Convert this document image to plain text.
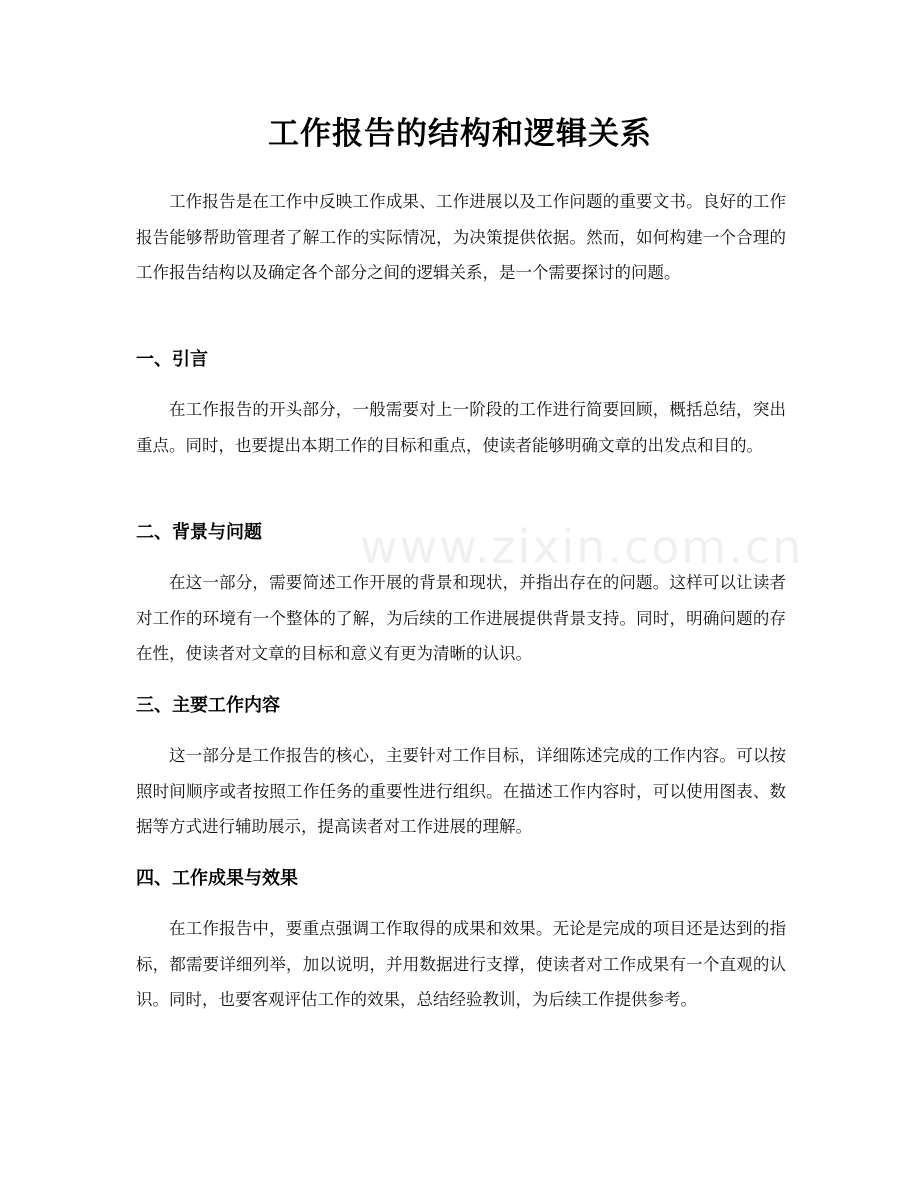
www.zixin.com.cn
工作报告的结构和逻辑关系

工作报告是在工作中反映工作成果、工作进展以及工作问题的重要文书。良好的工作报告能够帮助管理者了解工作的实际情况，为决策提供依据。然而，如何构建一个合理的工作报告结构以及确定各个部分之间的逻辑关系，是一个需要探讨的问题。

一、引言

在工作报告的开头部分，一般需要对上一阶段的工作进行简要回顾，概括总结，突出重点。同时，也要提出本期工作的目标和重点，使读者能够明确文章的出发点和目的。

二、背景与问题

在这一部分，需要简述工作开展的背景和现状，并指出存在的问题。这样可以让读者对工作的环境有一个整体的了解，为后续的工作进展提供背景支持。同时，明确问题的存在性，使读者对文章的目标和意义有更为清晰的认识。

三、主要工作内容

这一部分是工作报告的核心，主要针对工作目标，详细陈述完成的工作内容。可以按照时间顺序或者按照工作任务的重要性进行组织。在描述工作内容时，可以使用图表、数据等方式进行辅助展示，提高读者对工作进展的理解。

四、工作成果与效果

在工作报告中，要重点强调工作取得的成果和效果。无论是完成的项目还是达到的指标，都需要详细列举，加以说明，并用数据进行支撑，使读者对工作成果有一个直观的认识。同时，也要客观评估工作的效果，总结经验教训，为后续工作提供参考。
